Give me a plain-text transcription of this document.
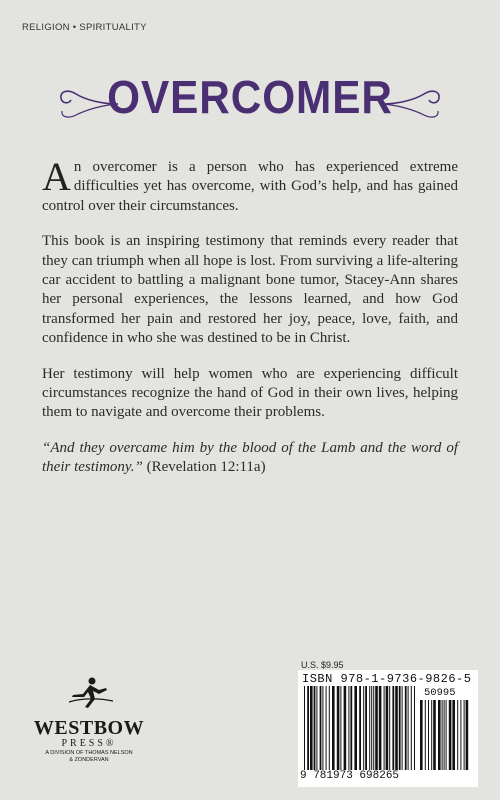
RELIGION • SPIRITUALITY
OVERCOMER

An overcomer is a person who has experienced extreme difficulties yet has overcome, with God’s help, and has gained control over their circumstances.

This book is an inspiring testimony that reminds every reader that they can triumph when all hope is lost. From surviving a life-altering car accident to battling a malignant bone tumor, Stacey-Ann shares her personal experiences, the lessons learned, and how God transformed her pain and restored her joy, peace, love, faith, and confidence in who she was destined to be in Christ.

Her testimony will help women who are experiencing difficult circumstances recognize the hand of God in their own lives, helping them to navigate and overcome their problems.

“And they overcame him by the blood of the Lamb and the word of their testimony.” (Revelation 12:11a)

WESTBOW
PRESS®
A DIVISION OF THOMAS NELSON
& ZONDERVAN
U.S. $9.95
ISBN 978-1-9736-9826-5
50995
9 781973 698265
